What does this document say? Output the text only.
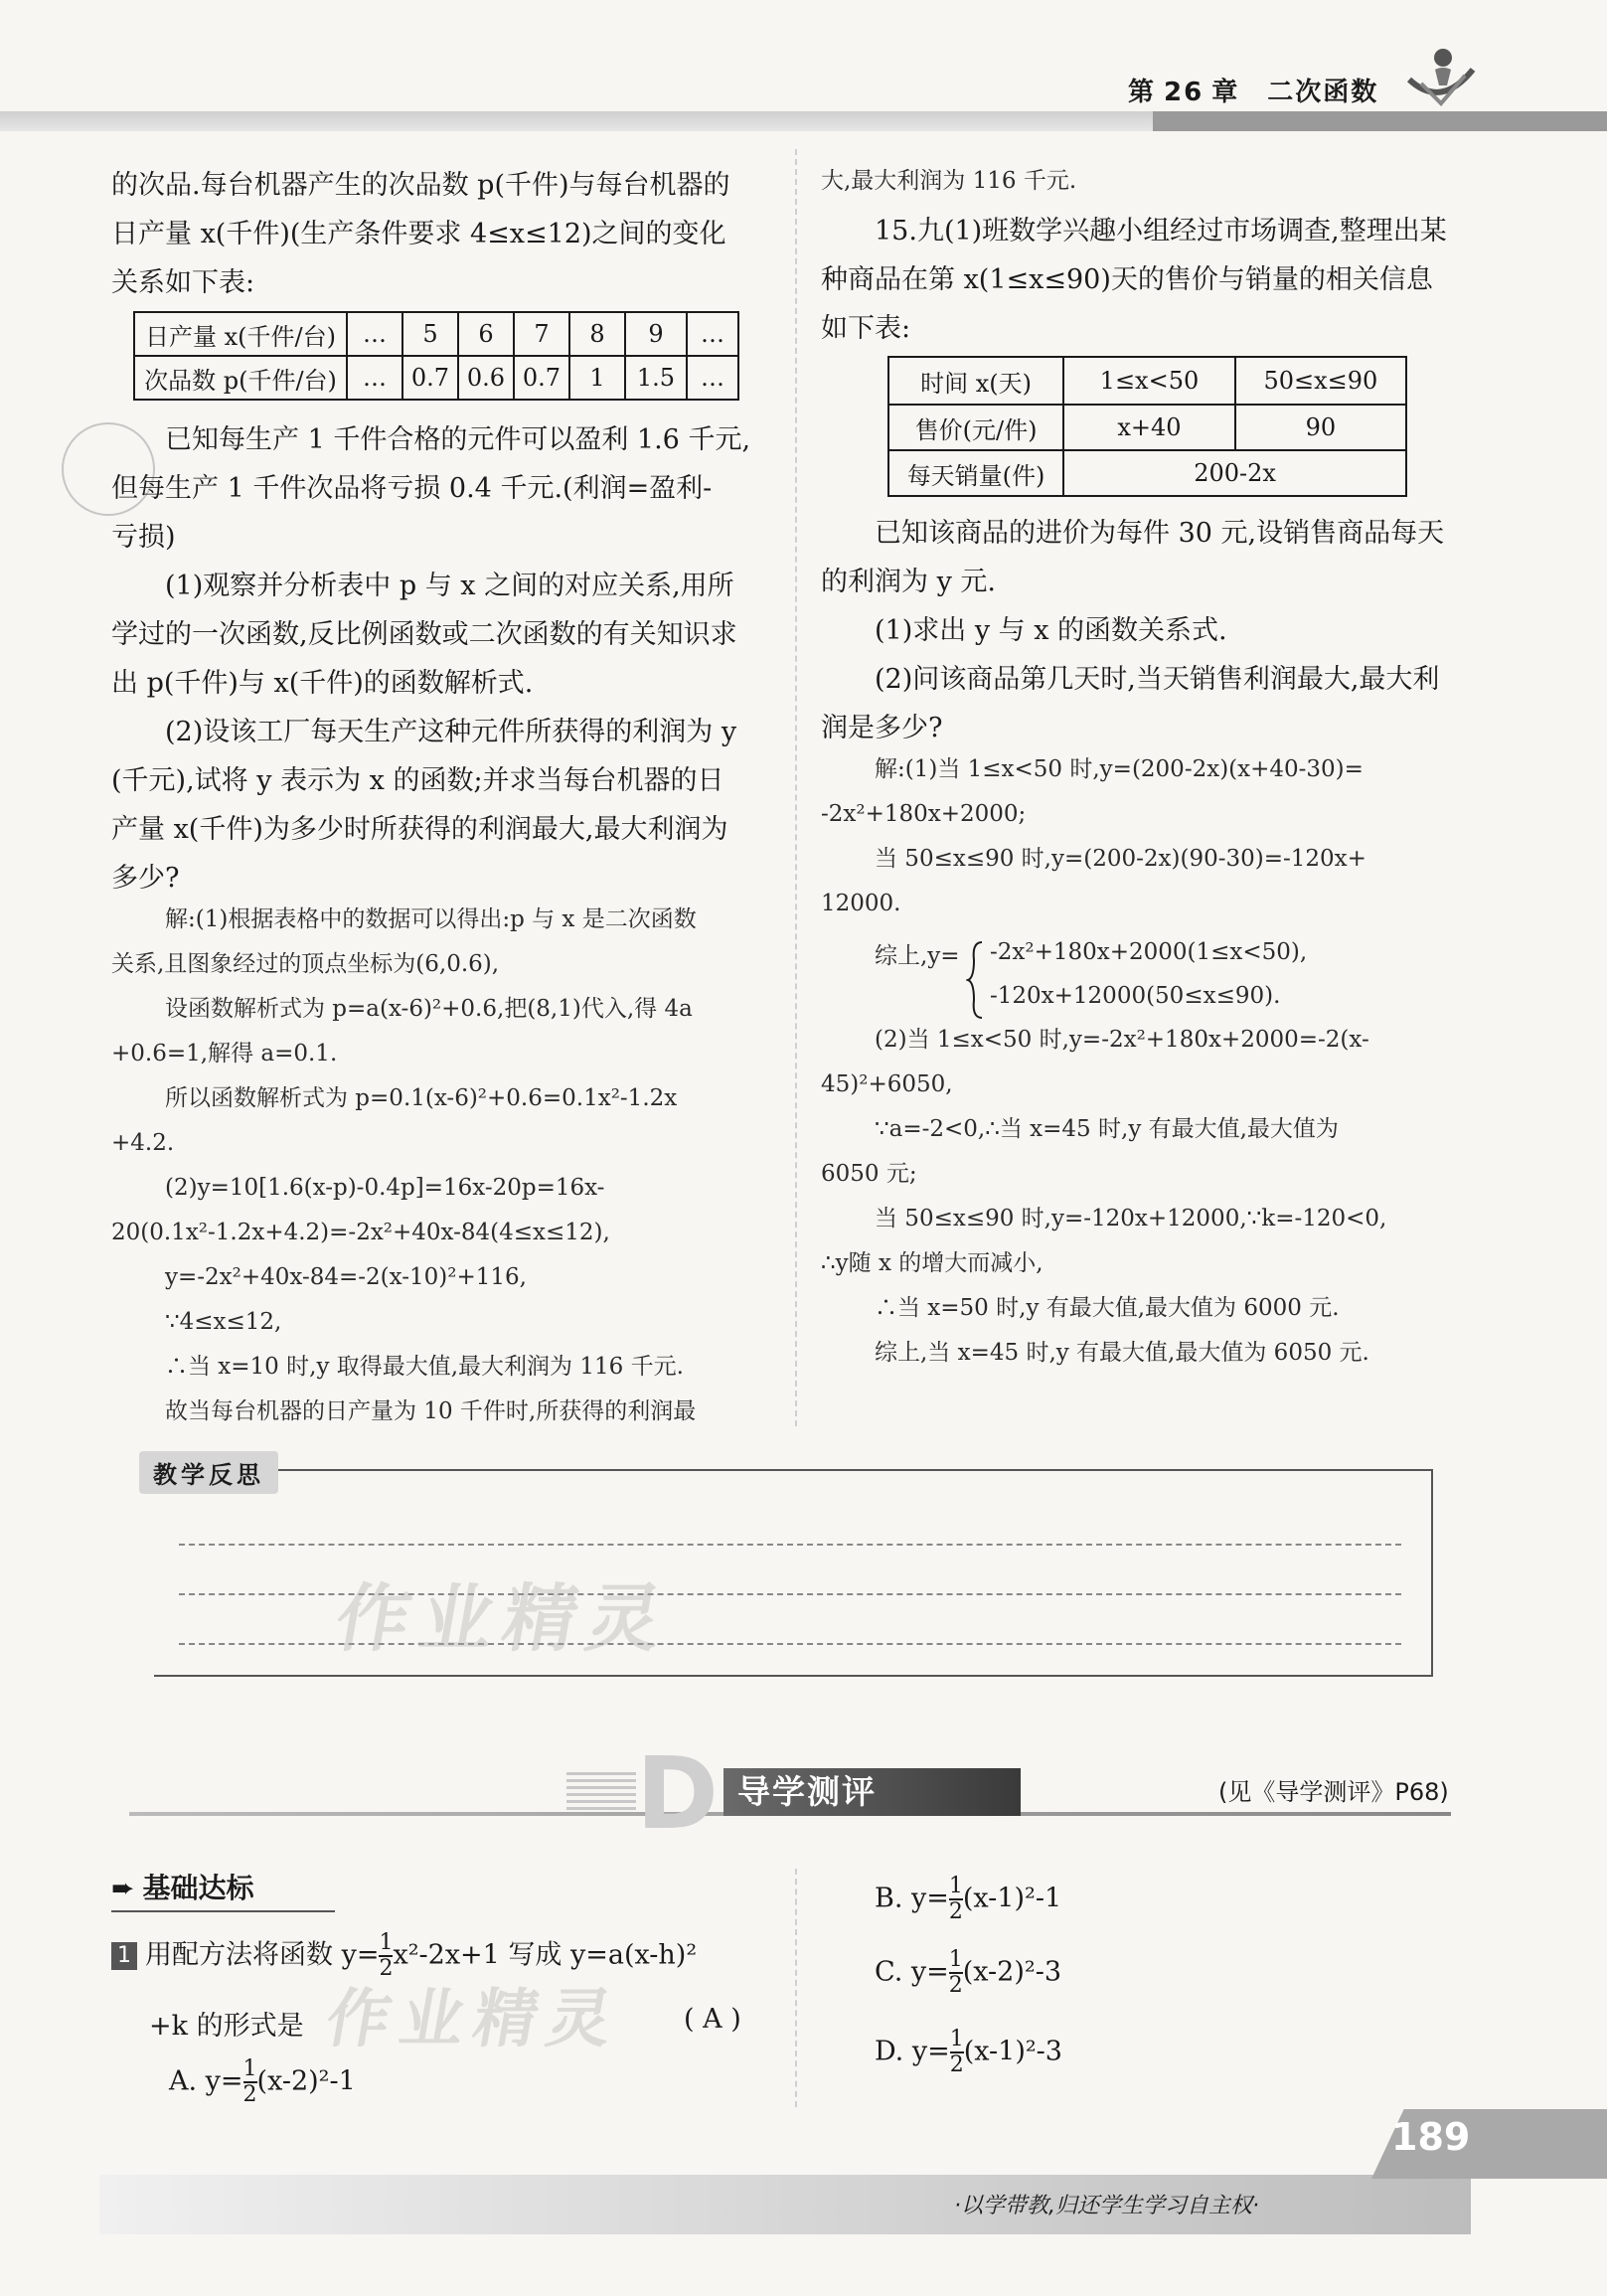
第 26 章 二次函数

的次品.每台机器产生的次品数 p(千件)与每台机器的

日产量 x(千件)(生产条件要求 4≤x≤12)之间的变化

关系如下表:

日产量 x(千件/台)	…	5	6	7	8	9	…
次品数 p(千件/台)	…	0.7	0.6	0.7	1	1.5	…

已知每生产 1 千件合格的元件可以盈利 1.6 千元,

但每生产 1 千件次品将亏损 0.4 千元.(利润=盈利-

亏损)

(1)观察并分析表中 p 与 x 之间的对应关系,用所

学过的一次函数,反比例函数或二次函数的有关知识求

出 p(千件)与 x(千件)的函数解析式.

(2)设该工厂每天生产这种元件所获得的利润为 y

(千元),试将 y 表示为 x 的函数;并求当每台机器的日

产量 x(千件)为多少时所获得的利润最大,最大利润为

多少?

解:(1)根据表格中的数据可以得出:p 与 x 是二次函数

关系,且图象经过的顶点坐标为(6,0.6),

设函数解析式为 p=a(x-6)²+0.6,把(8,1)代入,得 4a

+0.6=1,解得 a=0.1.

所以函数解析式为 p=0.1(x-6)²+0.6=0.1x²-1.2x

+4.2.

(2)y=10[1.6(x-p)-0.4p]=16x-20p=16x-

20(0.1x²-1.2x+4.2)=-2x²+40x-84(4≤x≤12),

y=-2x²+40x-84=-2(x-10)²+116,

∵4≤x≤12,

∴当 x=10 时,y 取得最大值,最大利润为 116 千元.

故当每台机器的日产量为 10 千件时,所获得的利润最

大,最大利润为 116 千元.

15.九(1)班数学兴趣小组经过市场调查,整理出某

种商品在第 x(1≤x≤90)天的售价与销量的相关信息

如下表:

时间 x(天)	1≤x<50	50≤x≤90
售价(元/件)	x+40	90
每天销量(件)	200-2x	

已知该商品的进价为每件 30 元,设销售商品每天

的利润为 y 元.

(1)求出 y 与 x 的函数关系式.

(2)问该商品第几天时,当天销售利润最大,最大利

润是多少?

解:(1)当 1≤x<50 时,y=(200-2x)(x+40-30)=

-2x²+180x+2000;

当 50≤x≤90 时,y=(200-2x)(90-30)=-120x+

12000.

综上,y=	-2x²+180x+2000(1≤x<50),

-120x+12000(50≤x≤90).

(2)当 1≤x<50 时,y=-2x²+180x+2000=-2(x-

45)²+6050,

∵a=-2<0,∴当 x=45 时,y 有最大值,最大值为

6050 元;

当 50≤x≤90 时,y=-120x+12000,∵k=-120<0,

∴y随 x 的增大而减小,

∴当 x=50 时,y 有最大值,最大值为 6000 元.

综上,当 x=45 时,y 有最大值,最大值为 6050 元.

教学反思
作业精灵
D 导学测评	(见《导学测评》P68)
➨ 基础达标
1 用配方法将函数 $y= \frac{1}{2} x^2-2x+1$ 写成 y=a(x-h)²
+k 的形式是	( A )
作业精灵
A. $y= \frac{1}{2} (x-2)^2-1$
B. $y= \frac{1}{2} (x-1)^2-1$
C. $y= \frac{1}{2} (x-2)^2-3$
D. $y= \frac{1}{2} (x-1)^2-3$
·以学带教,归还学生学习自主权·
189
